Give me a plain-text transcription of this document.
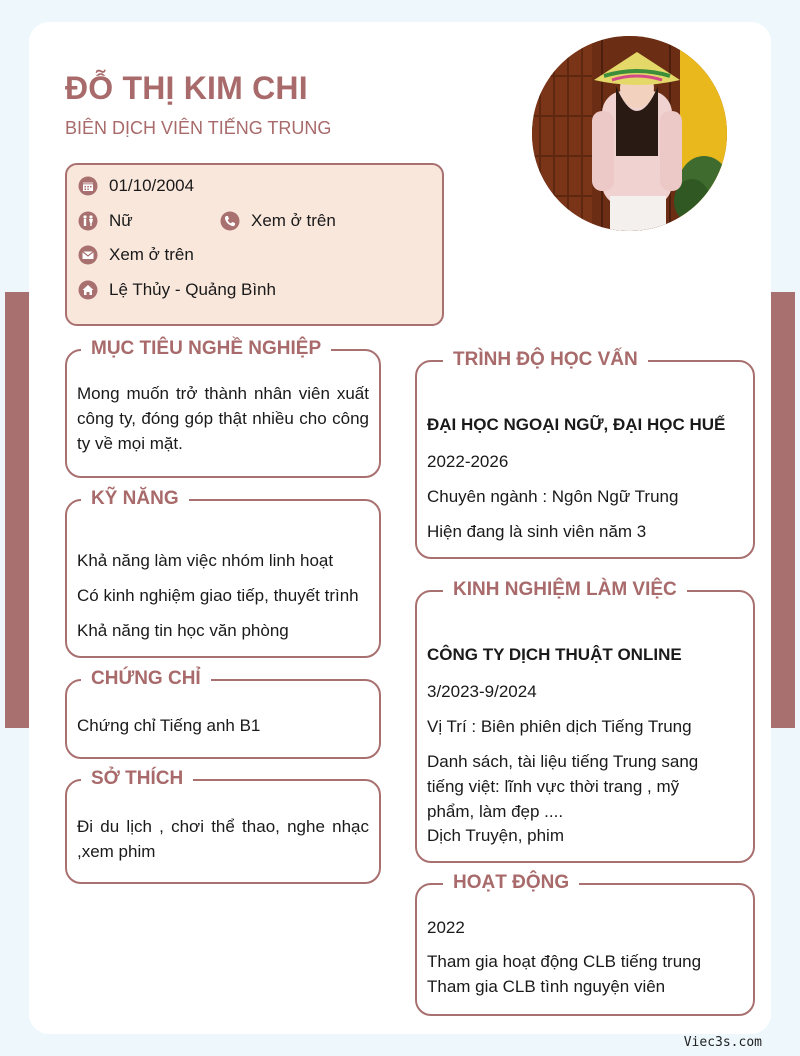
ĐỖ THỊ KIM CHI
BIÊN DỊCH VIÊN TIẾNG TRUNG
01/10/2004
Nữ	Xem ở trên
Xem ở trên
Lệ Thủy - Quảng Bình
MỤC TIÊU NGHỀ NGHIỆP
Mong muốn trở thành nhân viên xuất công ty, đóng góp thật nhiều cho công ty về mọi mặt.
KỸ NĂNG
Khả năng làm việc nhóm linh hoạt
Có kinh nghiệm giao tiếp, thuyết trình
Khả năng tin học văn phòng
CHỨNG CHỈ
Chứng chỉ Tiếng anh B1
SỞ THÍCH
Đi du lịch , chơi thể thao, nghe nhạc ,xem phim
TRÌNH ĐỘ HỌC VẤN
ĐẠI HỌC NGOẠI NGỮ, ĐẠI HỌC HUẾ
2022-2026
Chuyên ngành : Ngôn Ngữ Trung
Hiện đang là sinh viên năm 3
KINH NGHIỆM LÀM VIỆC
CÔNG TY DỊCH THUẬT ONLINE
3/2023-9/2024
Vị Trí : Biên phiên dịch Tiếng Trung
Danh sách, tài liệu tiếng Trung sang tiếng việt: lĩnh vực thời trang , mỹ phẩm, làm đẹp ....
Dịch Truyện, phim
HOẠT ĐỘNG
2022
Tham gia hoạt động CLB tiếng trung
Tham gia CLB tình nguyện viên
Viec3s.com
